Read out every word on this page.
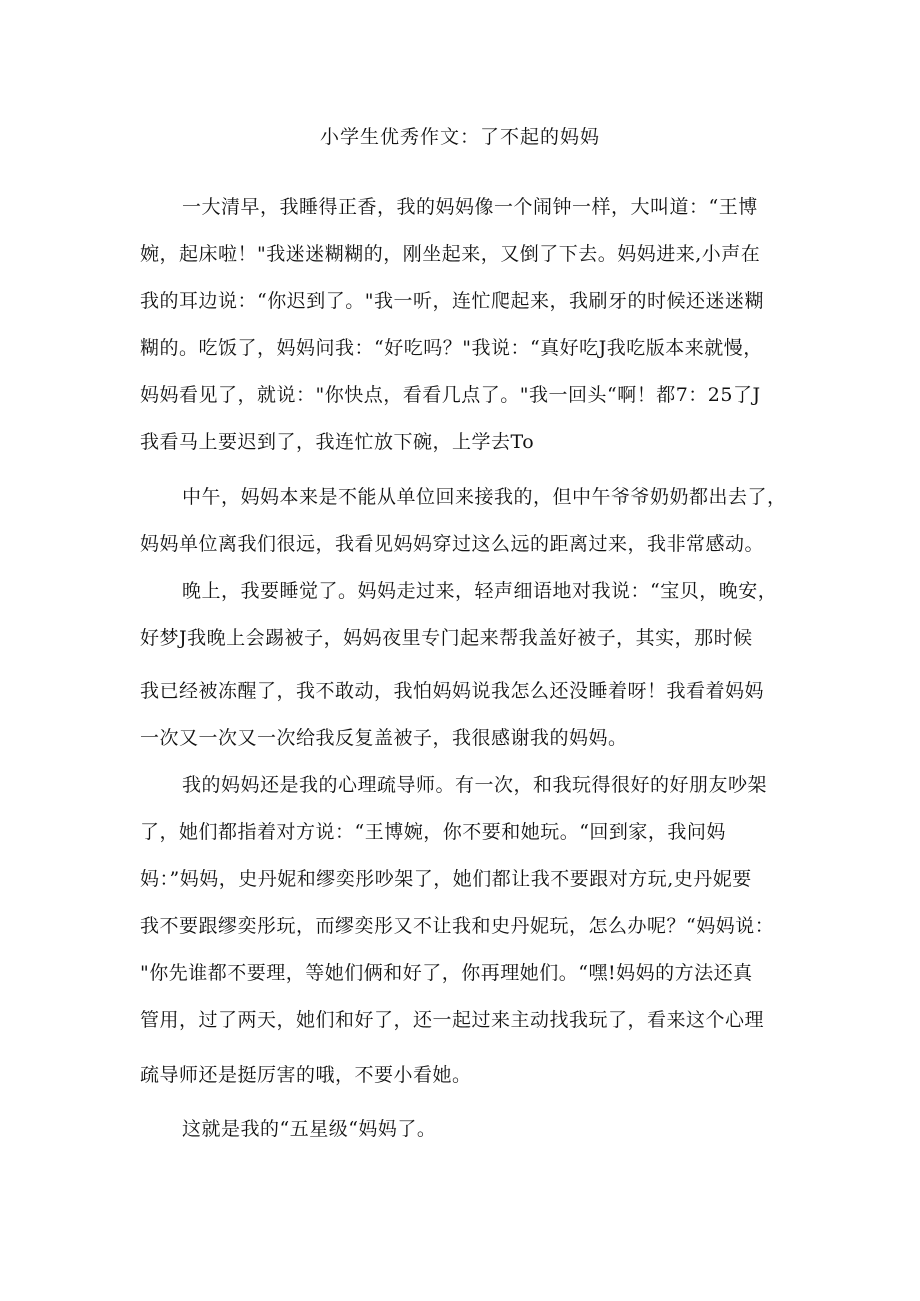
小学生优秀作文：了不起的妈妈

一大清早，我睡得正香，我的妈妈像一个闹钟一样，大叫道：“王博

婉，起床啦！"我迷迷糊糊的，刚坐起来，又倒了下去。妈妈进来,小声在

我的耳边说：“你迟到了。"我一听，连忙爬起来，我刷牙的时候还迷迷糊

糊的。吃饭了，妈妈问我：“好吃吗？"我说：“真好吃J我吃版本来就慢，

妈妈看见了，就说："你快点，看看几点了。"我一回头“啊！都7：25了J

我看马上要迟到了，我连忙放下碗，上学去To

中午，妈妈本来是不能从单位回来接我的，但中午爷爷奶奶都出去了，

妈妈单位离我们很远，我看见妈妈穿过这么远的距离过来，我非常感动。

晚上，我要睡觉了。妈妈走过来，轻声细语地对我说：“宝贝，晚安，

好梦J我晚上会踢被子，妈妈夜里专门起来帮我盖好被子，其实，那时候

我已经被冻醒了，我不敢动，我怕妈妈说我怎么还没睡着呀！我看着妈妈

一次又一次又一次给我反复盖被子，我很感谢我的妈妈。

我的妈妈还是我的心理疏导师。有一次，和我玩得很好的好朋友吵架

了，她们都指着对方说：“王博婉，你不要和她玩。“回到家，我问妈

妈：”妈妈，史丹妮和缪奕彤吵架了，她们都让我不要跟对方玩,史丹妮要

我不要跟缪奕彤玩，而缪奕彤又不让我和史丹妮玩，怎么办呢？“妈妈说：

"你先谁都不要理，等她们俩和好了，你再理她们。“嘿!妈妈的方法还真

管用，过了两天，她们和好了，还一起过来主动找我玩了，看来这个心理

疏导师还是挺厉害的哦，不要小看她。

这就是我的“五星级“妈妈了。
